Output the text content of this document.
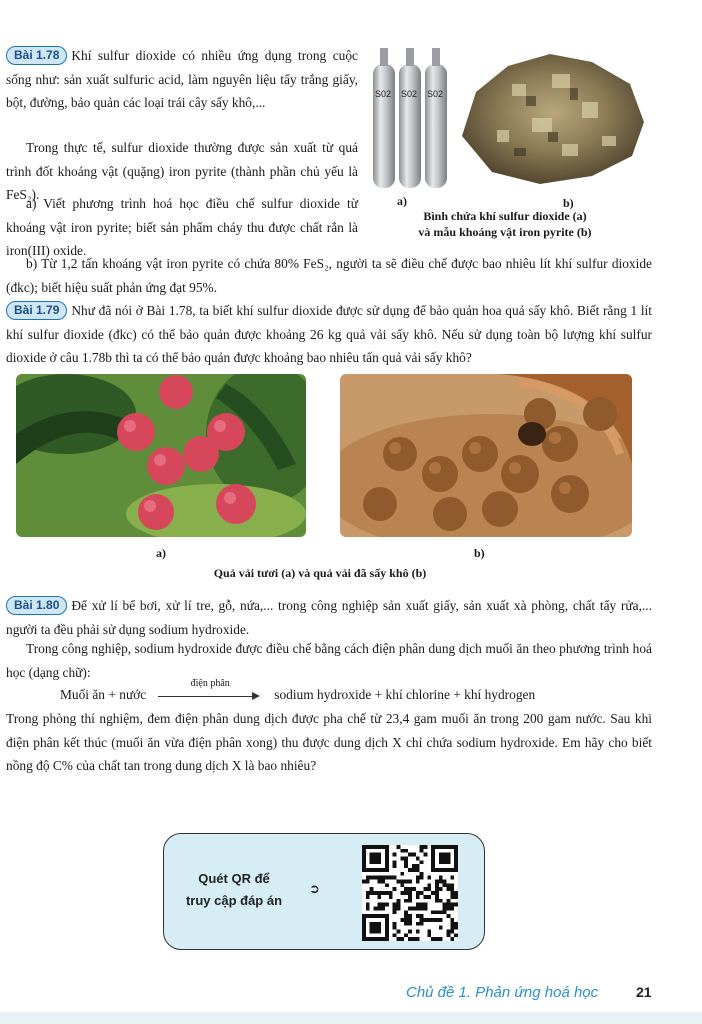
Bài 1.78 Khí sulfur dioxide có nhiều ứng dụng trong cuộc sống như: sản xuất sulfuric acid, làm nguyên liệu tẩy trắng giấy, bột, đường, bảo quản các loại trái cây sấy khô,...
Trong thực tế, sulfur dioxide thường được sản xuất từ quá trình đốt khoáng vật (quặng) iron pyrite (thành phần chủ yếu là FeS₂).
a) Viết phương trình hoá học điều chế sulfur dioxide từ khoáng vật iron pyrite; biết sản phẩm cháy thu được chất rắn là iron(III) oxide.
b) Từ 1,2 tấn khoáng vật iron pyrite có chứa 80% FeS₂, người ta sẽ điều chế được bao nhiêu lít khí sulfur dioxide (đkc); biết hiệu suất phản ứng đạt 95%.
S02 S02 S02
a)	b)
Bình chứa khí sulfur dioxide (a)
và mẫu khoáng vật iron pyrite (b)
Bài 1.79 Như đã nói ở Bài 1.78, ta biết khí sulfur dioxide được sử dụng để bảo quản hoa quả sấy khô. Biết rằng 1 lít khí sulfur dioxide (đkc) có thể bảo quản được khoảng 26 kg quả vải sấy khô. Nếu sử dụng toàn bộ lượng khí sulfur dioxide ở câu 1.78b thì ta có thể bảo quản được khoảng bao nhiêu tấn quả vải sấy khô?
a)	b)
Quả vải tươi (a) và quả vải đã sấy khô (b)
Bài 1.80 Để xử lí bể bơi, xử lí tre, gỗ, nứa,... trong công nghiệp sản xuất giấy, sản xuất xà phòng, chất tẩy rửa,... người ta đều phải sử dụng sodium hydroxide.
Trong công nghiệp, sodium hydroxide được điều chế bằng cách điện phân dung dịch muối ăn theo phương trình hoá học (dạng chữ):
Muối ăn + nước
điện phân
sodium hydroxide + khí chlorine + khí hydrogen
Trong phòng thí nghiệm, đem điện phân dung dịch được pha chế từ 23,4 gam muối ăn trong 200 gam nước. Sau khi điện phân kết thúc (muối ăn vừa điện phân xong) thu được dung dịch X chỉ chứa sodium hydroxide. Em hãy cho biết nồng độ C% của chất tan trong dung dịch X là bao nhiêu?
Quét QR để
truy cập đáp án
➲
Chủ đề 1. Phản ứng hoá học	21
